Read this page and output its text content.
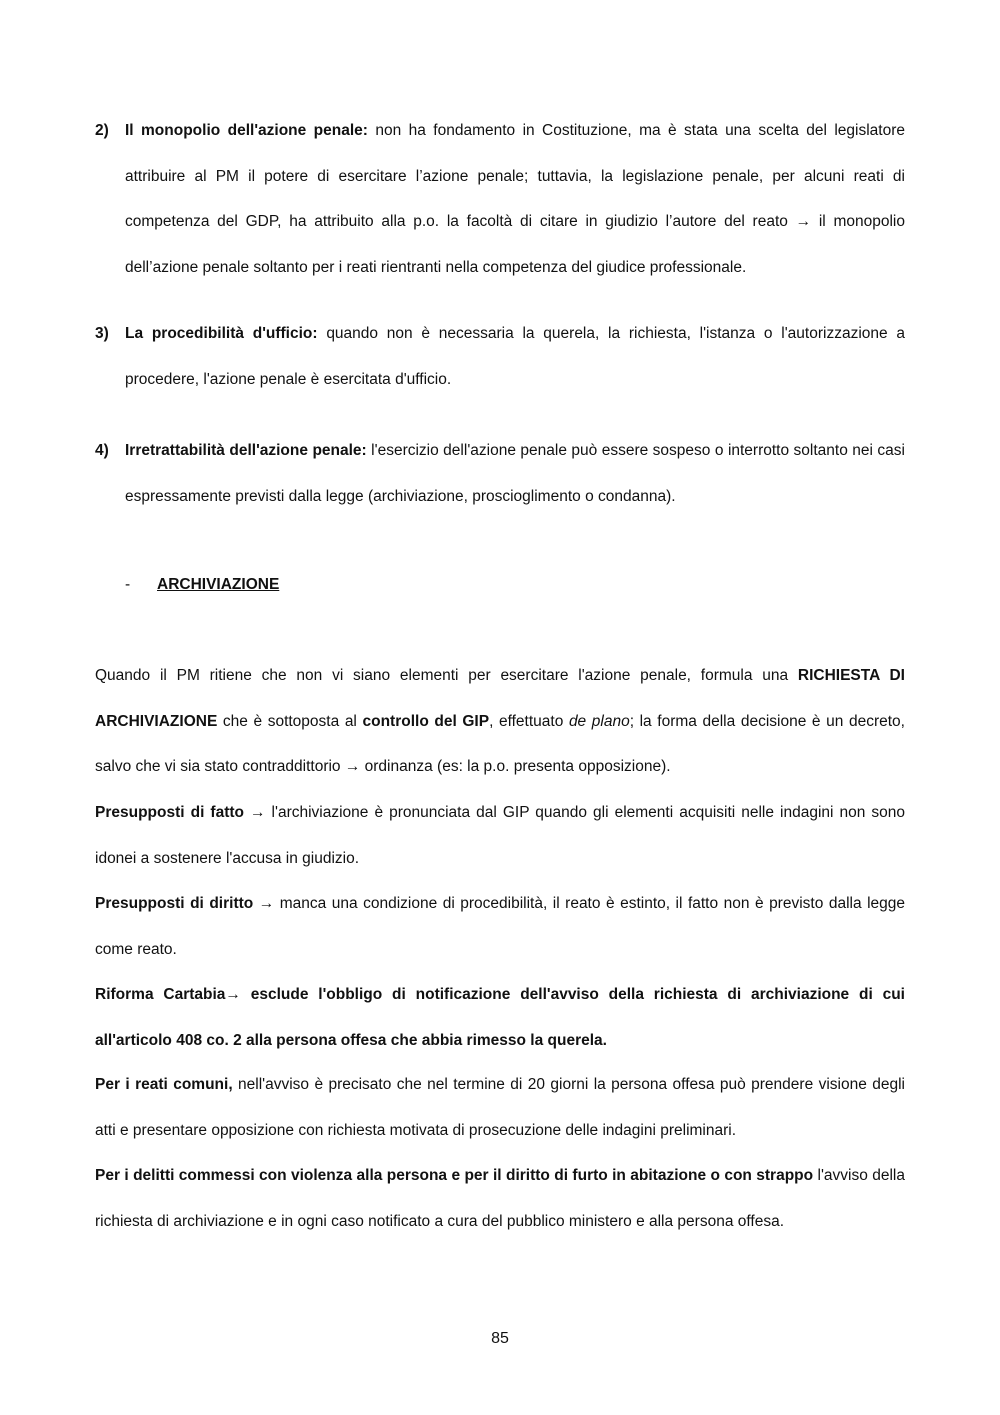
2) Il monopolio dell'azione penale: non ha fondamento in Costituzione, ma è stata una scelta del legislatore attribuire al PM il potere di esercitare l’azione penale; tuttavia, la legislazione penale, per alcuni reati di competenza del GDP, ha attribuito alla p.o. la facoltà di citare in giudizio l’autore del reato → il monopolio dell’azione penale soltanto per i reati rientranti nella competenza del giudice professionale.
3) La procedibilità d'ufficio: quando non è necessaria la querela, la richiesta, l'istanza o l'autorizzazione a procedere, l'azione penale è esercitata d'ufficio.
4) Irretrattabilità dell'azione penale: l'esercizio dell'azione penale può essere sospeso o interrotto soltanto nei casi espressamente previsti dalla legge (archiviazione, proscioglimento o condanna).
- ARCHIVIAZIONE

Quando il PM ritiene che non vi siano elementi per esercitare l'azione penale, formula una RICHIESTA DI ARCHIVIAZIONE che è sottoposta al controllo del GIP, effettuato de plano; la forma della decisione è un decreto, salvo che vi sia stato contraddittorio → ordinanza (es: la p.o. presenta opposizione).

Presupposti di fatto → l'archiviazione è pronunciata dal GIP quando gli elementi acquisiti nelle indagini non sono idonei a sostenere l'accusa in giudizio.

Presupposti di diritto → manca una condizione di procedibilità, il reato è estinto, il fatto non è previsto dalla legge come reato.

Riforma Cartabia→ esclude l'obbligo di notificazione dell'avviso della richiesta di archiviazione di cui all'articolo 408 co. 2 alla persona offesa che abbia rimesso la querela.

Per i reati comuni, nell'avviso è precisato che nel termine di 20 giorni la persona offesa può prendere visione degli atti e presentare opposizione con richiesta motivata di prosecuzione delle indagini preliminari.

Per i delitti commessi con violenza alla persona e per il diritto di furto in abitazione o con strappo l'avviso della richiesta di archiviazione e in ogni caso notificato a cura del pubblico ministero e alla persona offesa.

85
